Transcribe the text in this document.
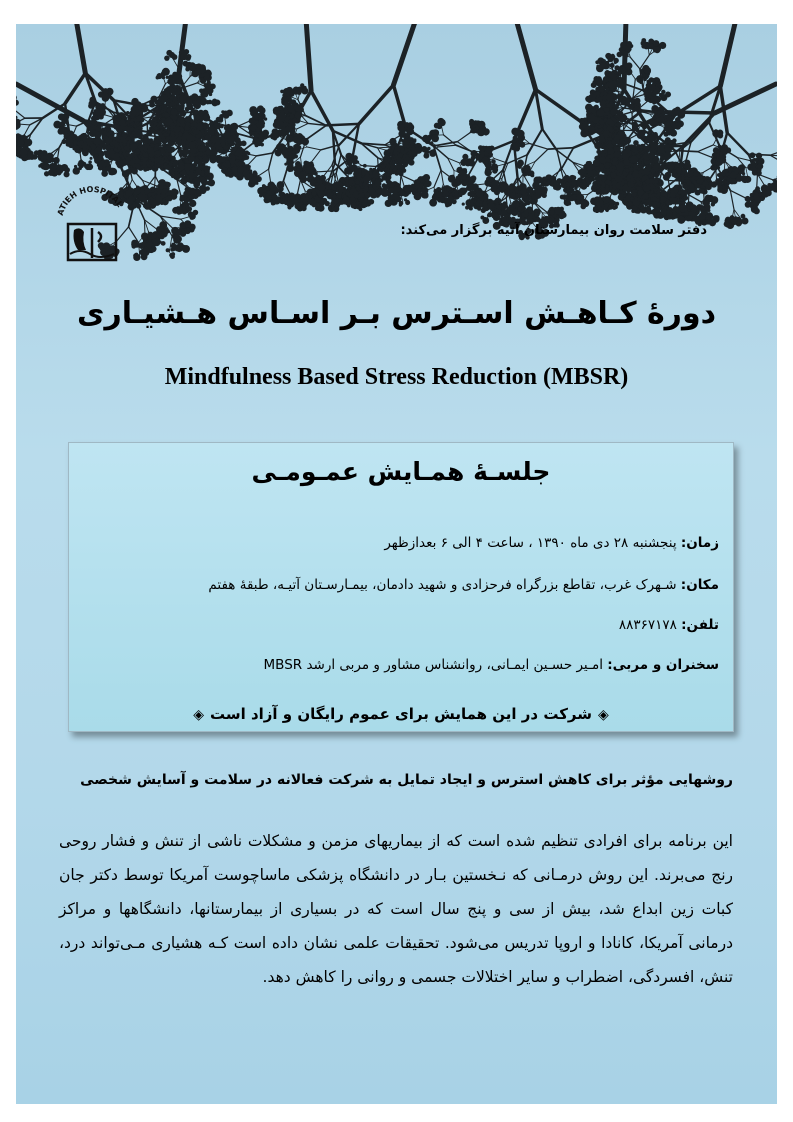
ATIEH HOSPITAL
دفتر سلامت روان بیمارستان آتیه برگزار می‌کند:
دورهٔ کـاهـش اسـترس بـر اسـاس هـشیـاری
Mindfulness Based Stress Reduction (MBSR)
جلسـهٔ همـایش عمـومـی
زمان: پنجشنبه ۲۸ دی ماه ۱۳۹۰ ، ساعت ۴ الی ۶ بعدازظهر
مکان: شـهرک غرب، تقاطع بزرگراه فرحزادی و شهید دادمان، بیمـارسـتان آتیـه، طبقهٔ هفتم
تلفن: ۸۸۳۶۷۱۷۸
سخنران و مربی: امـیر حسـین ایمـانی، روانشناس مشاور و مربی ارشد MBSR
◈شرکت در این همایش برای عموم رایگان و آزاد است◈
روشهایی مؤثر برای کاهش استرس و ایجاد تمایل به شرکت فعالانه در سلامت و آسایش شخصی
این برنامه برای افرادی تنظیم شده است که از بیماریهای مزمن و مشکلات ناشی از تنش و فشار روحی رنج می‌برند. این روش درمـانی که نـخستین بـار در دانشگاه پزشکی ماساچوست آمریکا توسط دکتر جان کبات زین ابداع شد، بیش از سی و پنج سال است که در بسیاری از بیمارستانها، دانشگاهها و مراکز درمانی آمریکا، کانادا و اروپا تدریس می‌شود. تحقیقات علمی نشان داده است کـه هشیاری مـی‌تواند درد، تنش، افسردگی، اضطراب و سایر اختلالات جسمی و روانی را کاهش دهد.
